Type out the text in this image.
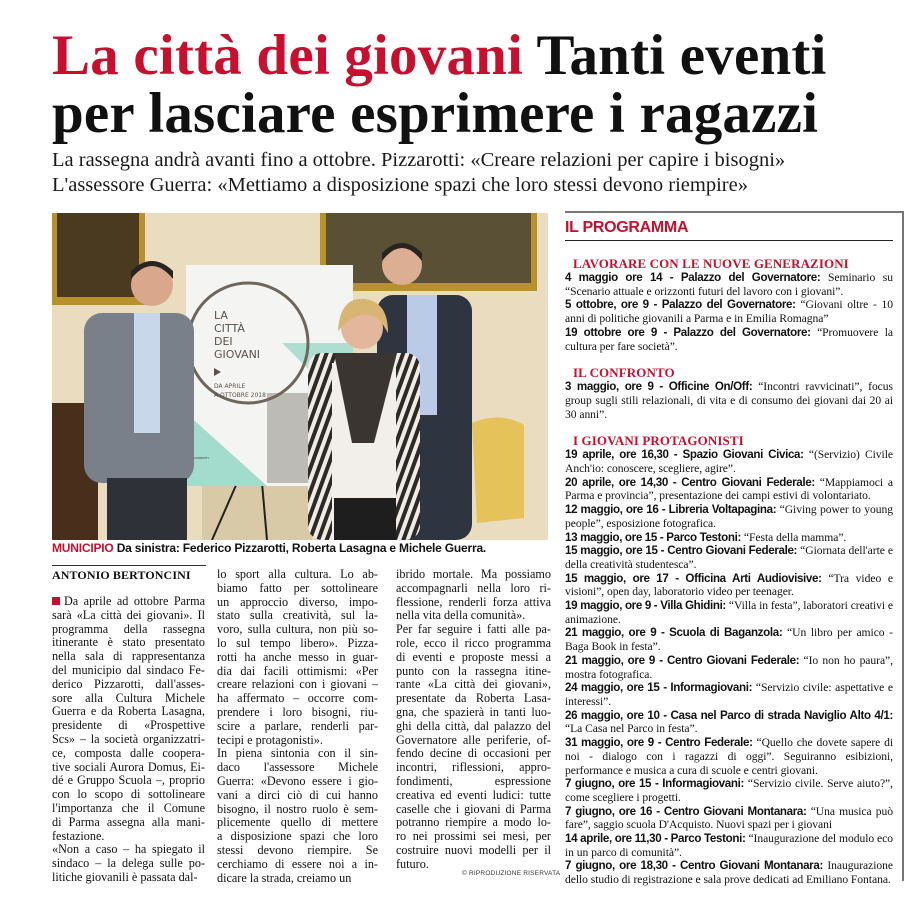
La città dei giovani Tanti eventi
per lasciare esprimere i ragazzi
La rassegna andrà avanti fino a ottobre. Pizzarotti: «Creare relazioni per capire i bisogni»
L'assessore Guerra: «Mettiamo a disposizione spazi che loro stessi devono riempire»
LA
CITTÀ
DEI
GIOVANI
DA APRILE
A OTTOBRE 2018
CONTATTI
MUNICIPIO Da sinistra: Federico Pizzarotti, Roberta Lasagna e Michele Guerra.
ANTONIO BERTONCINI
Da aprile ad ottobre Parma
sarà «La città dei giovani». Il
programma della rassegna
itinerante è stato presentato
nella sala di rappresentanza
del municipio dal sindaco Fe-
derico Pizzarotti, dall'asses-
sore alla Cultura Michele
Guerra e da Roberta Lasagna,
presidente di «Prospettive
Scs» – la società organizzatri-
ce, composta dalle coopera-
tive sociali Aurora Domus, Ei-
dé e Gruppo Scuola –, proprio
con lo scopo di sottolineare
l'importanza che il Comune
di Parma assegna alla mani-
festazione.
«Non a caso – ha spiegato il
sindaco – la delega sulle po-
litiche giovanili è passata dal-
lo sport alla cultura. Lo ab-
biamo fatto per sottolineare
un approccio diverso, impo-
stato sulla creatività, sul la-
voro, sulla cultura, non più so-
lo sul tempo libero». Pizza-
rotti ha anche messo in guar-
dia dai facili ottimismi: «Per
creare relazioni con i giovani –
ha affermato – occorre com-
prendere i loro bisogni, riu-
scire a parlare, renderli par-
tecipi e protagonisti».
In piena sintonia con il sin-
daco l'assessore Michele
Guerra: «Devono essere i gio-
vani a dirci ciò di cui hanno
bisogno, il nostro ruolo è sem-
plicemente quello di mettere
a disposizione spazi che loro
stessi devono riempire. Se
cerchiamo di essere noi a in-
dicare la strada, creiamo un
ibrido mortale. Ma possiamo
accompagnarli nella loro ri-
flessione, renderli forza attiva
nella vita della comunità».
Per far seguire i fatti alle pa-
role, ecco il ricco programma
di eventi e proposte messi a
punto con la rassegna itine-
rante «La città dei giovani»,
presentate da Roberta Lasa-
gna, che spazierà in tanti luo-
ghi della città, dal palazzo del
Governatore alle periferie, of-
fendo decine di occasioni per
incontri, riflessioni, appro-
fondimenti, espressione
creativa ed eventi ludici: tutte
caselle che i giovani di Parma
potranno riempire a modo lo-
ro nei prossimi sei mesi, per
costruire nuovi modelli per il
futuro.
© RIPRODUZIONE RISERVATA
IL PROGRAMMA
LAVORARE CON LE NUOVE GENERAZIONI
4 maggio ore 14 - Palazzo del Governatore: Seminario su “Scenario attuale e orizzonti futuri del lavoro con i giovani”.
5 ottobre, ore 9 - Palazzo del Governatore: “Giovani oltre - 10 anni di politiche giovanili a Parma e in Emilia Romagna”
19 ottobre ore 9 - Palazzo del Governatore: “Promuovere la cultura per fare società”.
IL CONFRONTO
3 maggio, ore 9 - Officine On/Off: “Incontri ravvicinati”, focus group sugli stili relazionali, di vita e di consumo dei giovani dai 20 ai 30 anni”.
I GIOVANI PROTAGONISTI
19 aprile, ore 16,30 - Spazio Giovani Civica: “(Servizio) Civile Anch'io: conoscere, scegliere, agire”.
20 aprile, ore 14,30 - Centro Giovani Federale: “Mappiamoci a Parma e provincia”, presentazione dei campi estivi di volontariato.
12 maggio, ore 16 - Libreria Voltapagina: “Giving power to young people”, esposizione fotografica.
13 maggio, ore 15 - Parco Testoni: “Festa della mamma”.
15 maggio, ore 15 - Centro Giovani Federale: “Giornata dell'arte e della creatività studentesca”.
15 maggio, ore 17 - Officina Arti Audiovisive: “Tra video e visioni”, open day, laboratorio video per teenager.
19 maggio, ore 9 - Villa Ghidini: “Villa in festa”, laboratori creativi e animazione.
21 maggio, ore 9 - Scuola di Baganzola: “Un libro per amico - Baga Book in festa”.
21 maggio, ore 9 - Centro Giovani Federale: “Io non ho paura”, mostra fotografica.
24 maggio, ore 15 - Informagiovani: “Servizio civile: aspettative e interessi”.
26 maggio, ore 10 - Casa nel Parco di strada Naviglio Alto 4/1: “La Casa nel Parco in festa”.
31 maggio, ore 9 - Centro Federale: “Quello che dovete sapere di noi - dialogo con i ragazzi di oggi”. Seguiranno esibizioni, performance e musica a cura di scuole e centri giovani.
7 giugno, ore 15 - Informagiovani: “Servizio civile. Serve aiuto?”, come scegliere i progetti.
7 giugno, ore 16 - Centro Giovani Montanara: “Una musica può fare”, saggio scuola D'Acquisto. Nuovi spazi per i giovani
14 aprile, ore 11,30 - Parco Testoni: “Inaugurazione del modulo eco in un parco di comunità”.
7 giugno, ore 18,30 - Centro Giovani Montanara: Inaugurazione dello studio di registrazione e sala prove dedicati ad Emiliano Fontana.
